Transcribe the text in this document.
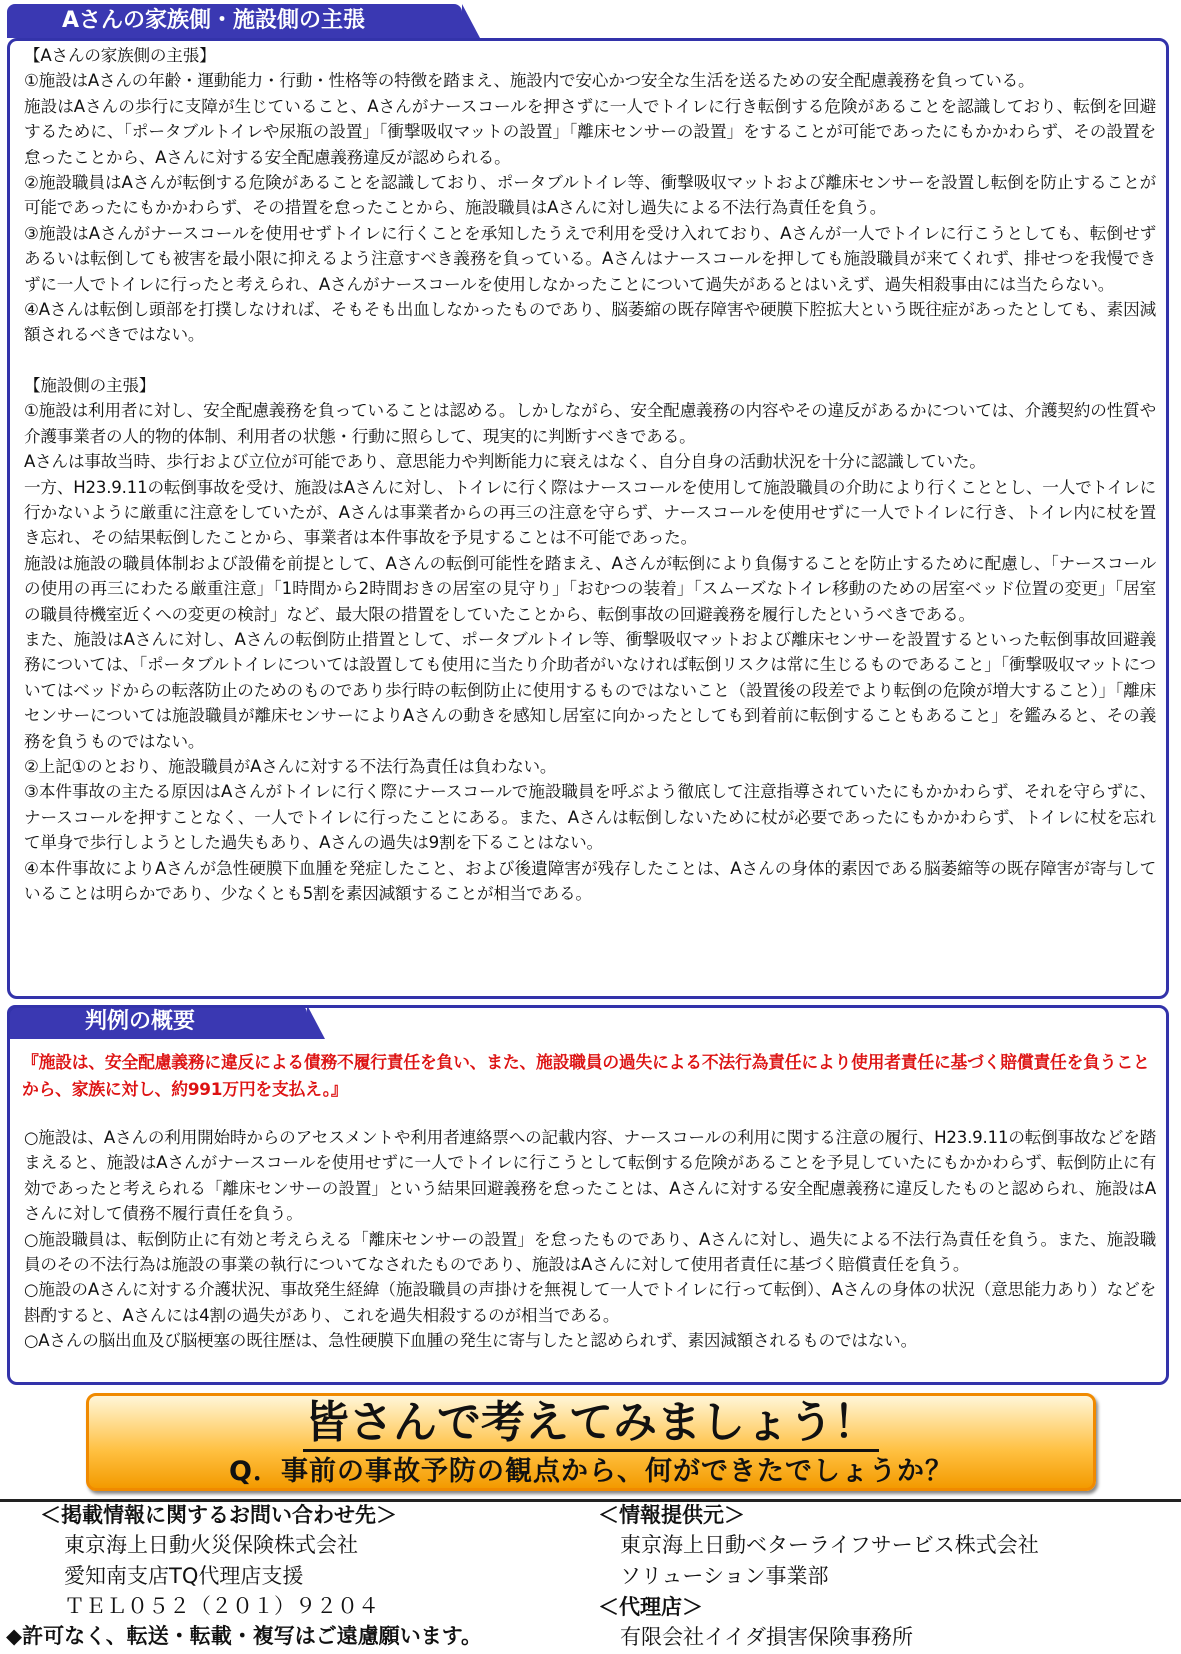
Aさんの家族側・施設側の主張

【Aさんの家族側の主張】

①施設はAさんの年齢・運動能力・行動・性格等の特徴を踏まえ、施設内で安心かつ安全な生活を送るための安全配慮義務を負っている。

施設はAさんの歩行に支障が生じていること、Aさんがナースコールを押さずに一人でトイレに行き転倒する危険があることを認識しており、転倒を回避するために、「ポータブルトイレや尿瓶の設置」「衝撃吸収マットの設置」「離床センサーの設置」をすることが可能であったにもかかわらず、その設置を怠ったことから、Aさんに対する安全配慮義務違反が認められる。

②施設職員はAさんが転倒する危険があることを認識しており、ポータブルトイレ等、衝撃吸収マットおよび離床センサーを設置し転倒を防止することが可能であったにもかかわらず、その措置を怠ったことから、施設職員はAさんに対し過失による不法行為責任を負う。

③施設はAさんがナースコールを使用せずトイレに行くことを承知したうえで利用を受け入れており、Aさんが一人でトイレに行こうとしても、転倒せずあるいは転倒しても被害を最小限に抑えるよう注意すべき義務を負っている。Aさんはナースコールを押しても施設職員が来てくれず、排せつを我慢できずに一人でトイレに行ったと考えられ、Aさんがナースコールを使用しなかったことについて過失があるとはいえず、過失相殺事由には当たらない。

④Aさんは転倒し頭部を打撲しなければ、そもそも出血しなかったものであり、脳萎縮の既存障害や硬膜下腔拡大という既往症があったとしても、素因減額されるべきではない。

【施設側の主張】

①施設は利用者に対し、安全配慮義務を負っていることは認める。しかしながら、安全配慮義務の内容やその違反があるかについては、介護契約の性質や介護事業者の人的物的体制、利用者の状態・行動に照らして、現実的に判断すべきである。

Aさんは事故当時、歩行および立位が可能であり、意思能力や判断能力に衰えはなく、自分自身の活動状況を十分に認識していた。

一方、H23.9.11の転倒事故を受け、施設はAさんに対し、トイレに行く際はナースコールを使用して施設職員の介助により行くこととし、一人でトイレに行かないように厳重に注意をしていたが、Aさんは事業者からの再三の注意を守らず、ナースコールを使用せずに一人でトイレに行き、トイレ内に杖を置き忘れ、その結果転倒したことから、事業者は本件事故を予見することは不可能であった。

施設は施設の職員体制および設備を前提として、Aさんの転倒可能性を踏まえ、Aさんが転倒により負傷することを防止するために配慮し、「ナースコールの使用の再三にわたる厳重注意」「1時間から2時間おきの居室の見守り」「おむつの装着」「スムーズなトイレ移動のための居室ベッド位置の変更」「居室の職員待機室近くへの変更の検討」など、最大限の措置をしていたことから、転倒事故の回避義務を履行したというべきである。

また、施設はAさんに対し、Aさんの転倒防止措置として、ポータブルトイレ等、衝撃吸収マットおよび離床センサーを設置するといった転倒事故回避義務については、「ポータブルトイレについては設置しても使用に当たり介助者がいなければ転倒リスクは常に生じるものであること」「衝撃吸収マットについてはベッドからの転落防止のためのものであり歩行時の転倒防止に使用するものではないこと（設置後の段差でより転倒の危険が増大すること）」「離床センサーについては施設職員が離床センサーによりAさんの動きを感知し居室に向かったとしても到着前に転倒することもあること」を鑑みると、その義務を負うものではない。

②上記①のとおり、施設職員がAさんに対する不法行為責任は負わない。

③本件事故の主たる原因はAさんがトイレに行く際にナースコールで施設職員を呼ぶよう徹底して注意指導されていたにもかかわらず、それを守らずに、ナースコールを押すことなく、一人でトイレに行ったことにある。また、Aさんは転倒しないために杖が必要であったにもかかわらず、トイレに杖を忘れて単身で歩行しようとした過失もあり、Aさんの過失は9割を下ることはない。

④本件事故によりAさんが急性硬膜下血腫を発症したこと、および後遺障害が残存したことは、Aさんの身体的素因である脳萎縮等の既存障害が寄与していることは明らかであり、少なくとも5割を素因減額することが相当である。

判例の概要

『施設は、安全配慮義務に違反による債務不履行責任を負い、また、施設職員の過失による不法行為責任により使用者責任に基づく賠償責任を負うことから、家族に対し、約991万円を支払え。』

○施設は、Aさんの利用開始時からのアセスメントや利用者連絡票への記載内容、ナースコールの利用に関する注意の履行、H23.9.11の転倒事故などを踏まえると、施設はAさんがナースコールを使用せずに一人でトイレに行こうとして転倒する危険があることを予見していたにもかかわらず、転倒防止に有効であったと考えられる「離床センサーの設置」という結果回避義務を怠ったことは、Aさんに対する安全配慮義務に違反したものと認められ、施設はAさんに対して債務不履行責任を負う。

○施設職員は、転倒防止に有効と考えらえる「離床センサーの設置」を怠ったものであり、Aさんに対し、過失による不法行為責任を負う。また、施設職員のその不法行為は施設の事業の執行についてなされたものであり、施設はAさんに対して使用者責任に基づく賠償責任を負う。

○施設のAさんに対する介護状況、事故発生経緯（施設職員の声掛けを無視して一人でトイレに行って転倒）、Aさんの身体の状況（意思能力あり）などを斟酌すると、Aさんには4割の過失があり、これを過失相殺するのが相当である。

○Aさんの脳出血及び脳梗塞の既往歴は、急性硬膜下血腫の発生に寄与したと認められず、素因減額されるものではない。

皆さんで考えてみましょう！
Q．事前の事故予防の観点から、何ができたでしょうか？
＜掲載情報に関するお問い合わせ先＞
東京海上日動火災保険株式会社
愛知南支店TQ代理店支援
ＴＥＬ０５２（２０１）９２０４
◆許可なく、転送・転載・複写はご遠慮願います。
＜情報提供元＞
東京海上日動ベターライフサービス株式会社
ソリューション事業部
＜代理店＞
有限会社イイダ損害保険事務所
